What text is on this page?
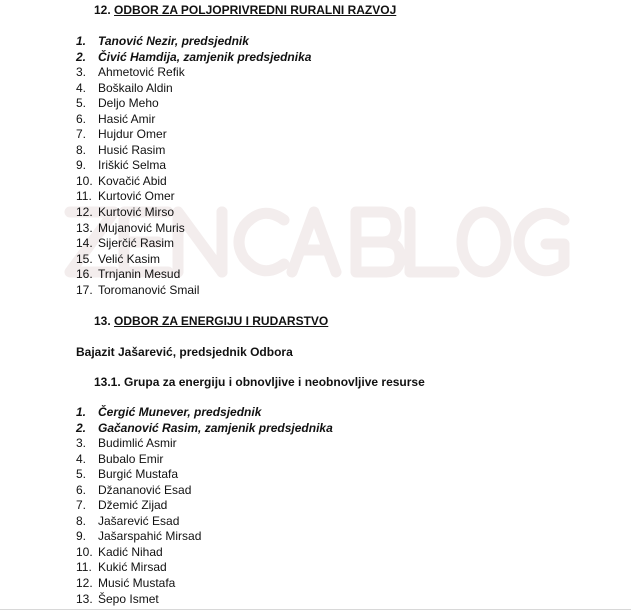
12. ODBOR ZA POLJOPRIVREDNI RURALNI RAZVOJ
1. Tanović Nezir, predsjednik
2. Čivić Hamdija, zamjenik predsjednika
3. Ahmetović Refik
4. Boškailo Aldin
5. Deljo Meho
6. Hasić Amir
7. Hujdur Omer
8. Husić Rasim
9. Iriškić Selma
10. Kovačić Abid
11. Kurtović Omer
12. Kurtović Mirso
13. Mujanović Muris
14. Sijerčić Rasim
15. Velić Kasim
16. Trnjanin Mesud
17. Toromanović Smail
13. ODBOR ZA ENERGIJU I RUDARSTVO
Bajazit Jašarević, predsjednik Odbora
13.1. Grupa za energiju i obnovljive i neobnovljive resurse
1. Čergić Munever, predsjednik
2. Gačanović Rasim, zamjenik predsjednika
3. Budimlić Asmir
4. Bubalo Emir
5. Burgić Mustafa
6. Džananović Esad
7. Džemić Zijad
8. Jašarević Esad
9. Jašarspahić Mirsad
10. Kadić Nihad
11. Kukić Mirsad
12. Musić Mustafa
13. Šepo Ismet
